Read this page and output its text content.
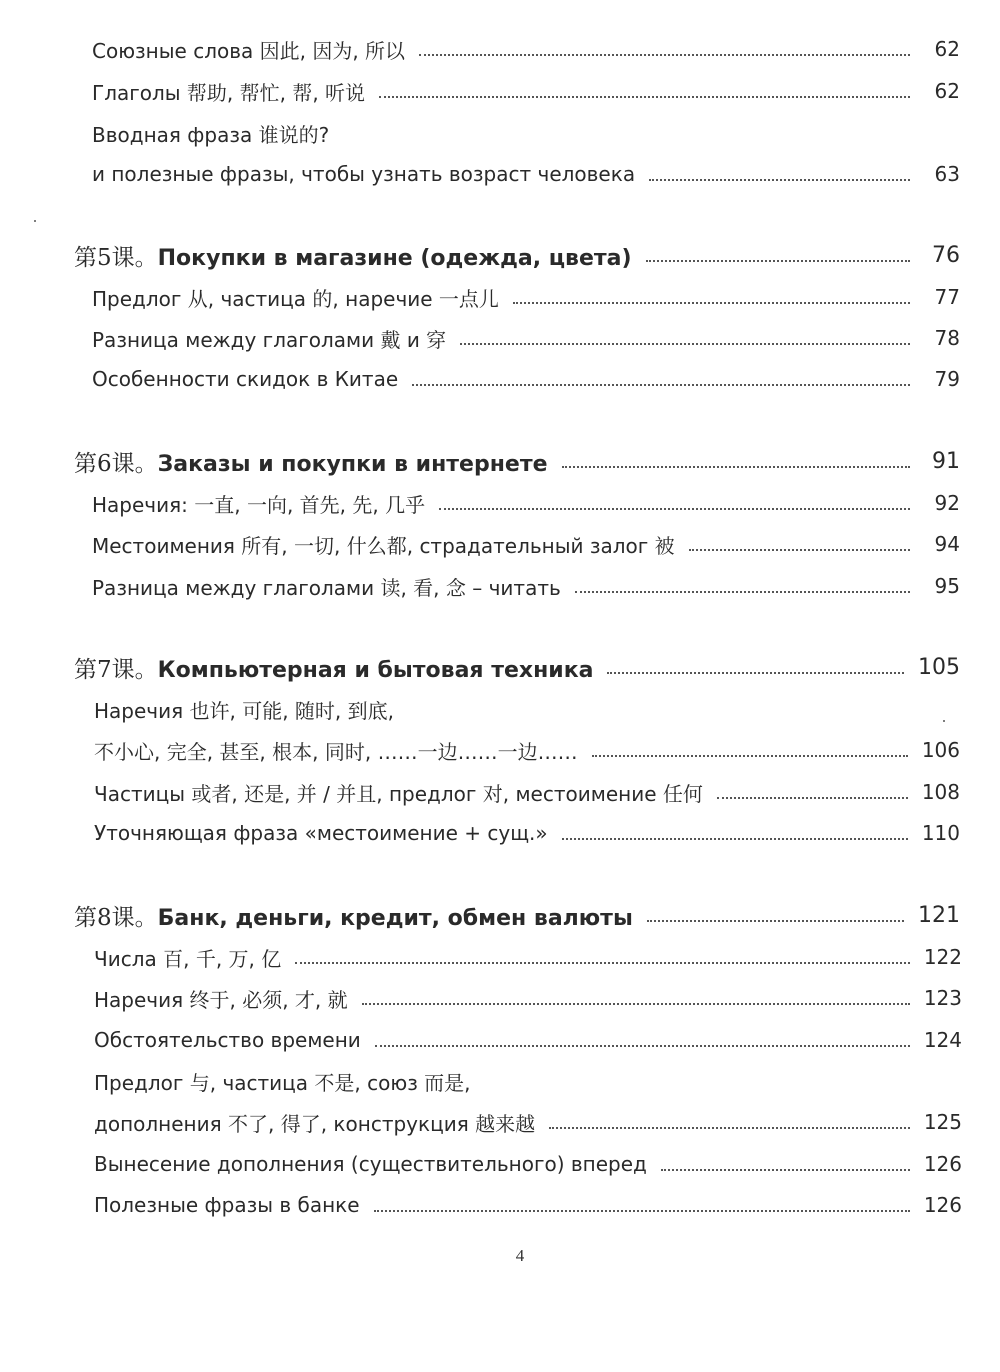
Союзные слова 因此, 因为, 所以	62
Глаголы 帮助, 帮忙, 帮, 听说	62
Вводная фраза 谁说的?
и полезные фразы, чтобы узнать возраст человека	63
第5课。Покупки в магазине (одежда, цвета)	76
Предлог 从, частица 的, наречие 一点儿	77
Разница между глаголами 戴 и 穿	78
Особенности скидок в Китае	79
第6课。Заказы и покупки в интернете	91
Наречия: 一直, 一向, 首先, 先, 几乎	92
Местоимения 所有, 一切, 什么都, страдательный залог 被	94
Разница между глаголами 读, 看, 念 – читать	95
第7课。Компьютерная и бытовая техника	105
Наречия 也许, 可能, 随时, 到底,
不小心, 完全, 甚至, 根本, 同时, ……一边……一边……	106
Частицы 或者, 还是, 并 / 并且, предлог 对, местоимение 任何	108
Уточняющая фраза «местоимение + сущ.»	110
第8课。Банк, деньги, кредит, обмен валюты	121
Числа 百, 千, 万, 亿	122
Наречия 终于, 必须, 才, 就	123
Обстоятельство времени	124
Предлог 与, частица 不是, союз 而是,
дополнения 不了, 得了, конструкция 越来越	125
Вынесение дополнения (существительного) вперед	126
Полезные фразы в банке	126
4
